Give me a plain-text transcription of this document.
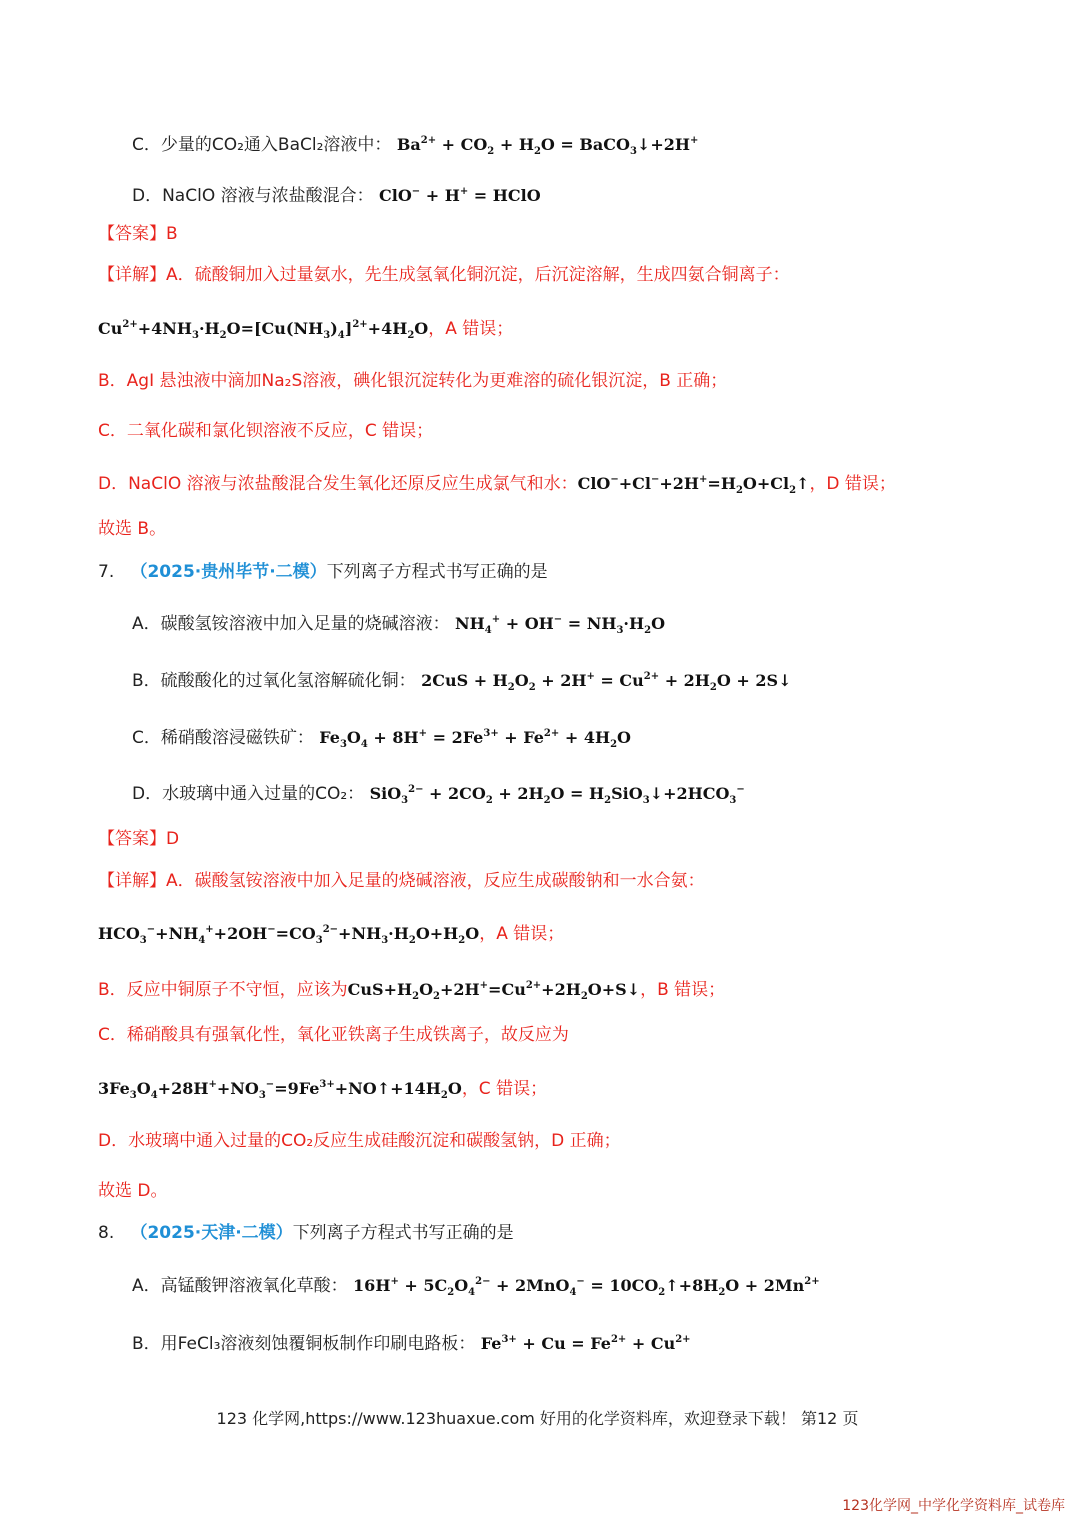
C．少量的CO₂通入BaCl₂溶液中： $Ba^{2+} + CO_2 + H_2O$ = BaCO$_3$↓+2H+
D．NaClO 溶液与浓盐酸混合： ClO− + H+ = HClO
【答案】B
【详解】A．硫酸铜加入过量氨水，先生成氢氧化铜沉淀，后沉淀溶解，生成四氨合铜离子：
$Cu^{2+}+4NH_3\cdot H_2O=[Cu(NH_3)_4]^{2+}+4H_2O$，A 错误；
B．AgI 悬浊液中滴加Na₂S溶液，碘化银沉淀转化为更难溶的硫化银沉淀，B 正确；
C．二氧化碳和氯化钡溶液不反应，C 错误；
D．NaClO 溶液与浓盐酸混合发生氧化还原反应生成氯气和水：$ClO^-+Cl^-+2H^+=H_2O+Cl_2↑$，D 错误；
故选 B。
7. （2025·贵州毕节·二模）下列离子方程式书写正确的是
A．碳酸氢铵溶液中加入足量的烧碱溶液： $NH_4^+ + OH^- = NH_3\cdot H_2O$
B．硫酸酸化的过氧化氢溶解硫化铜： $2CuS + H_2O_2 + 2H^+ = Cu^{2+} + 2H_2O$ + 2S↓
C．稀硝酸溶浸磁铁矿： $Fe_3O_4 + 8H^+ = 2Fe^{3+} + Fe^{2+} + 4H_2O$
D．水玻璃中通入过量的CO₂： $SiO_3^{2-} + 2CO_2 + 2H_2O$ = $H_2SiO_3↓+2HCO_3^-$
【答案】D
【详解】A．碳酸氢铵溶液中加入足量的烧碱溶液，反应生成碳酸钠和一水合氨：
$HCO_3^-+NH_4^++2OH^-=CO_3^{2-}+NH_3\cdot H_2O+H_2O$，A 错误；
B．反应中铜原子不守恒，应该为$CuS+H_2O_2+2H^+=Cu^{2+}+2H_2O+S↓$，B 错误；
C．稀硝酸具有强氧化性，氧化亚铁离子生成铁离子，故反应为
$3Fe_3O_4+28H^++NO_3^-=9Fe^{3+}+NO↑+14H_2O$，C 错误；
D．水玻璃中通入过量的CO₂反应生成硅酸沉淀和碳酸氢钠，D 正确；
故选 D。
8. （2025·天津·二模）下列离子方程式书写正确的是
A．高锰酸钾溶液氧化草酸： $16H^+ + 5C_2O_4^{2-} + 2MnO_4^-$ = $10CO_2↑+8H_2O + 2Mn^{2+}$
B．用FeCl₃溶液刻蚀覆铜板制作印刷电路板： $Fe^{3+} + Cu = Fe^{2+} + Cu^{2+}$
123 化学网,https://www.123huaxue.com 好用的化学资料库，欢迎登录下载！ 第12 页
123化学网_中学化学资料库_试卷库
